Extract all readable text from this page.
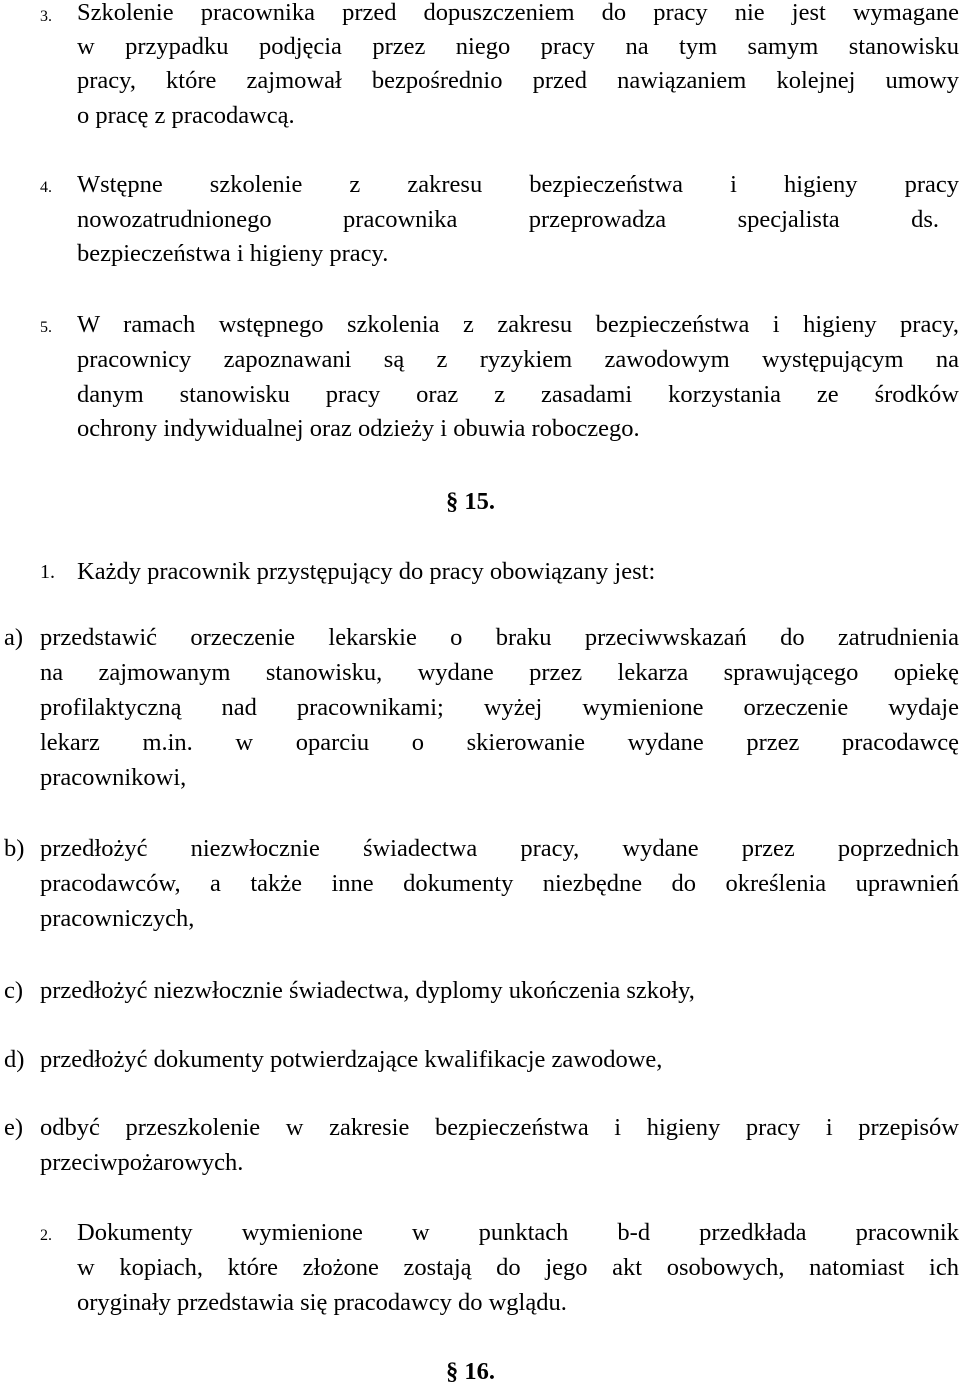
3. Szkolenie pracownika przed dopuszczeniem do pracy nie jest wymagane
w przypadku podjęcia przez niego pracy na tym samym stanowisku
pracy, które zajmował bezpośrednio przed nawiązaniem kolejnej umowy
o pracę z pracodawcą.
4. Wstępne szkolenie z zakresu bezpieczeństwa i higieny pracy
nowozatrudnionego pracownika przeprowadza specjalista ds.
bezpieczeństwa i higieny pracy.
5. W ramach wstępnego szkolenia z zakresu bezpieczeństwa i higieny pracy,
pracownicy zapoznawani są z ryzykiem zawodowym występującym na
danym stanowisku pracy oraz z zasadami korzystania ze środków
ochrony indywidualnej oraz odzieży i obuwia roboczego.
§ 15.
1. Każdy pracownik przystępujący do pracy obowiązany jest:
a) przedstawić orzeczenie lekarskie o braku przeciwwskazań do zatrudnienia
na zajmowanym stanowisku, wydane przez lekarza sprawującego opiekę
profilaktyczną nad pracownikami; wyżej wymienione orzeczenie wydaje
lekarz m.in. w oparciu o skierowanie wydane przez pracodawcę
pracownikowi,
b) przedłożyć niezwłocznie świadectwa pracy, wydane przez poprzednich
pracodawców, a także inne dokumenty niezbędne do określenia uprawnień
pracowniczych,
c) przedłożyć niezwłocznie świadectwa, dyplomy ukończenia szkoły,
d) przedłożyć dokumenty potwierdzające kwalifikacje zawodowe,
e) odbyć przeszkolenie w zakresie bezpieczeństwa i higieny pracy i przepisów
przeciwpożarowych.
2. Dokumenty wymienione w punktach b-d przedkłada pracownik
w kopiach, które złożone zostają do jego akt osobowych, natomiast ich
oryginały przedstawia się pracodawcy do wglądu.
§ 16.
